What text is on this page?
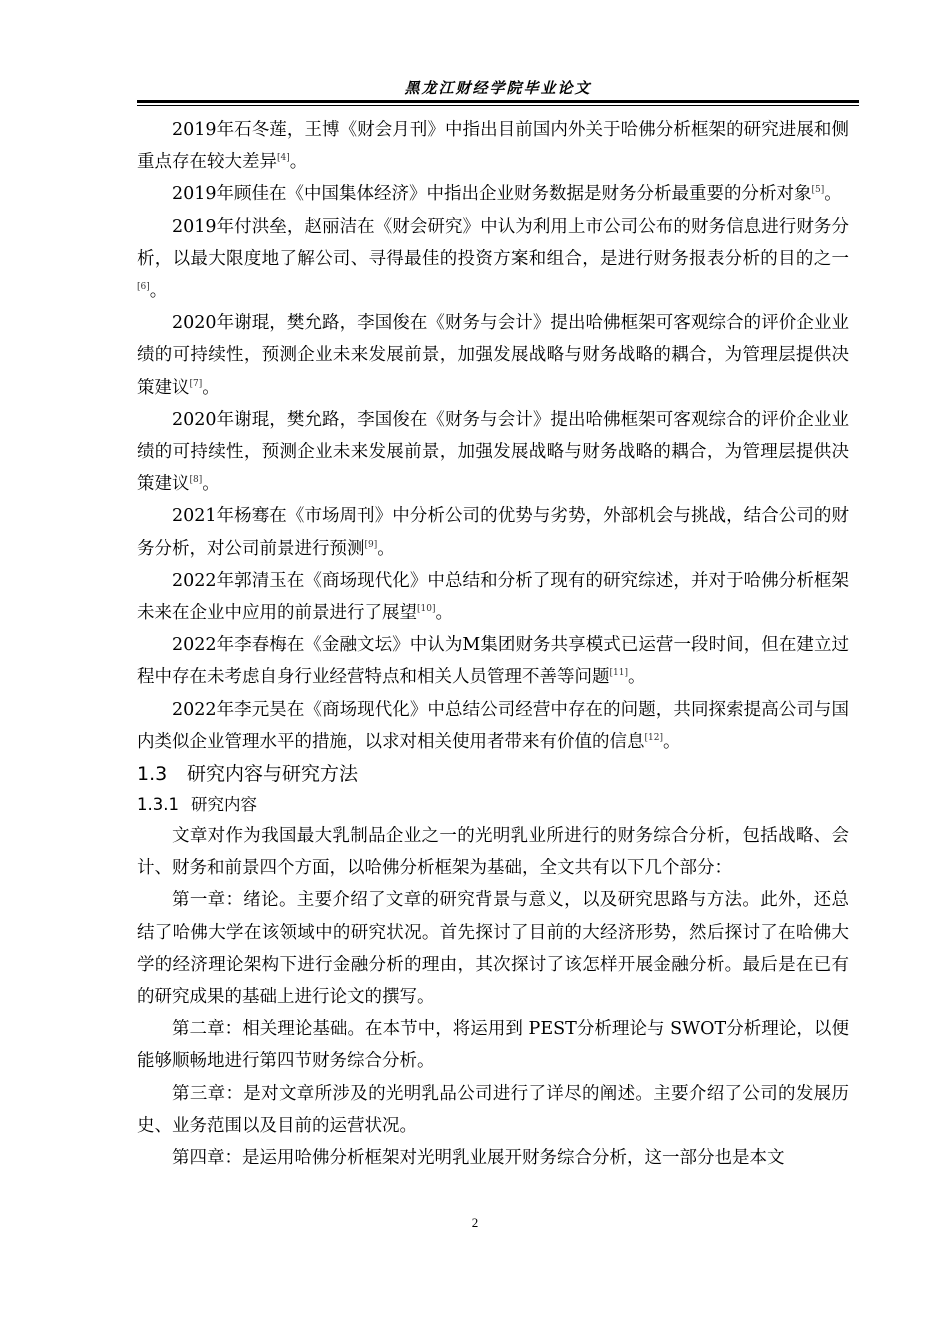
黑龙江财经学院毕业论文

2019年石冬莲，王博《财会月刊》中指出目前国内外关于哈佛分析框架的研究进展和侧重点存在较大差异[4]。

2019年顾佳在《中国集体经济》中指出企业财务数据是财务分析最重要的分析对象[5]。

2019年付洪垒，赵丽洁在《财会研究》中认为利用上市公司公布的财务信息进行财务分析，以最大限度地了解公司、寻得最佳的投资方案和组合，是进行财务报表分析的目的之一[6]。

2020年谢琨，樊允路，李国俊在《财务与会计》提出哈佛框架可客观综合的评价企业业绩的可持续性，预测企业未来发展前景，加强发展战略与财务战略的耦合，为管理层提供决策建议[7]。

2020年谢琨，樊允路，李国俊在《财务与会计》提出哈佛框架可客观综合的评价企业业绩的可持续性，预测企业未来发展前景，加强发展战略与财务战略的耦合，为管理层提供决策建议[8]。

2021年杨骞在《市场周刊》中分析公司的优势与劣势，外部机会与挑战，结合公司的财务分析，对公司前景进行预测[9]。

2022年郭清玉在《商场现代化》中总结和分析了现有的研究综述，并对于哈佛分析框架未来在企业中应用的前景进行了展望[10]。

2022年李春梅在《金融文坛》中认为M集团财务共享模式已运营一段时间，但在建立过程中存在未考虑自身行业经营特点和相关人员管理不善等问题[11]。

2022年李元昊在《商场现代化》中总结公司经营中存在的问题，共同探索提高公司与国内类似企业管理水平的措施，以求对相关使用者带来有价值的信息[12]。

1.3 研究内容与研究方法
1.3.1 研究内容

文章对作为我国最大乳制品企业之一的光明乳业所进行的财务综合分析，包括战略、会计、财务和前景四个方面，以哈佛分析框架为基础，全文共有以下几个部分：

第一章：绪论。主要介绍了文章的研究背景与意义，以及研究思路与方法。此外，还总结了哈佛大学在该领域中的研究状况。首先探讨了目前的大经济形势，然后探讨了在哈佛大学的经济理论架构下进行金融分析的理由，其次探讨了该怎样开展金融分析。最后是在已有的研究成果的基础上进行论文的撰写。

第二章：相关理论基础。在本节中，将运用到 PEST分析理论与 SWOT分析理论，以便能够顺畅地进行第四节财务综合分析。

第三章：是对文章所涉及的光明乳品公司进行了详尽的阐述。主要介绍了公司的发展历史、业务范围以及目前的运营状况。

第四章：是运用哈佛分析框架对光明乳业展开财务综合分析，这一部分也是本文

2
